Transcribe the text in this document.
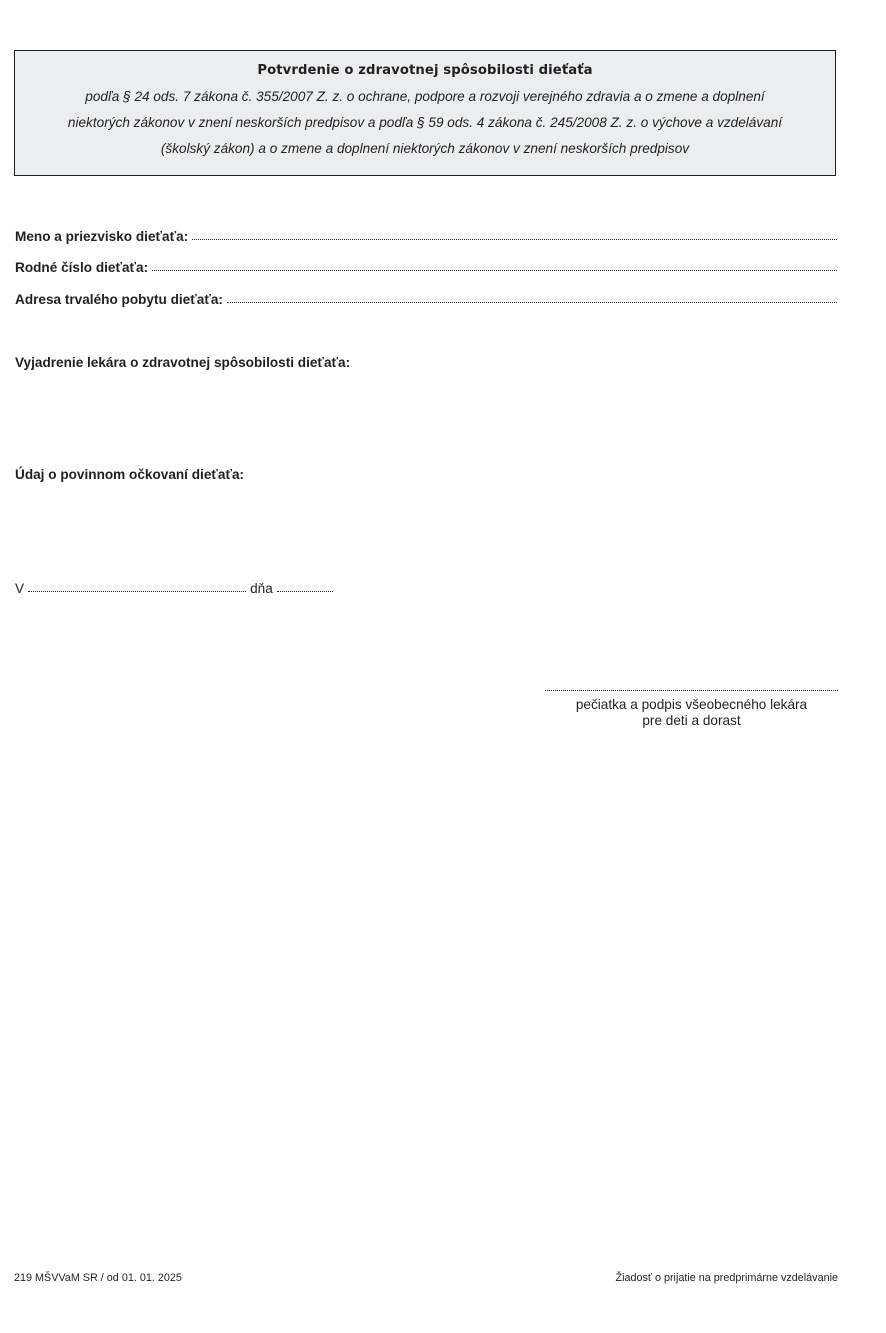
Potvrdenie o zdravotnej spôsobilosti dieťaťa
podľa § 24 ods. 7 zákona č. 355/2007 Z. z. o ochrane, podpore a rozvoji verejného zdravia a o zmene a doplnení
niektorých zákonov v znení neskorších predpisov a podľa § 59 ods. 4 zákona č. 245/2008 Z. z. o výchove a vzdelávaní
(školský zákon) a o zmene a doplnení niektorých zákonov v znení neskorších predpisov
Meno a priezvisko dieťaťa:
Rodné číslo dieťaťa:
Adresa trvalého pobytu dieťaťa:
Vyjadrenie lekára o zdravotnej spôsobilosti dieťaťa:
Údaj o povinnom očkovaní dieťaťa:
V	dňa
pečiatka a podpis všeobecného lekára
pre deti a dorast
219 MŠVVaM SR / od 01. 01. 2025	Žiadosť o prijatie na predprimárne vzdelávanie
